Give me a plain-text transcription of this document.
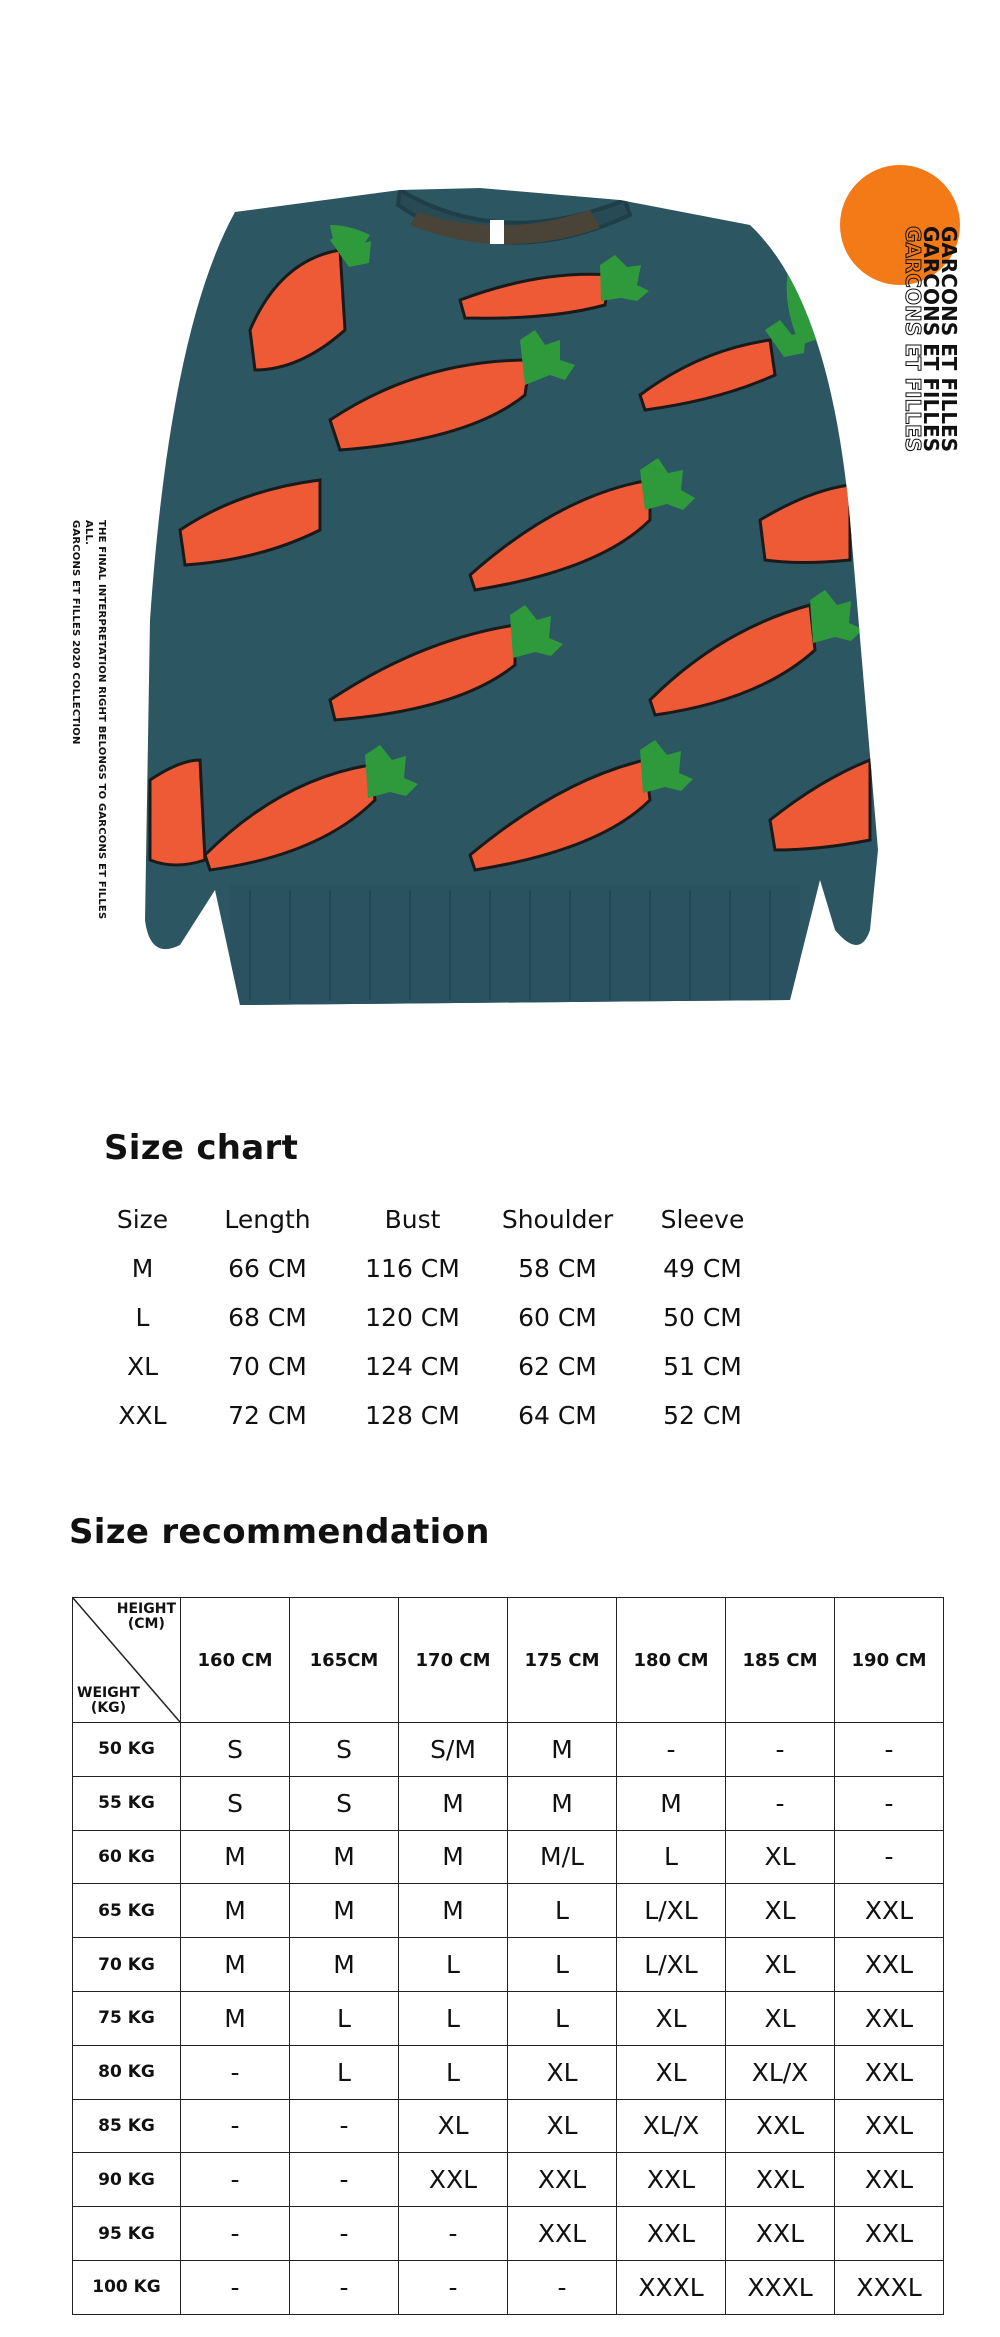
THE FINAL INTERPRETATION RIGHT BELONGS TO GARCONS ET FILLES ALL.
GARCONS ET FILLES 2020 COLLECTION
GARCONS ET FILLES
GARCONS ET FILLES
GARCONS ET FILLES
Size chart
Size	Length	Bust	Shoulder	Sleeve
M	66 CM	116 CM	58 CM	49 CM
L	68 CM	120 CM	60 CM	50 CM
XL	70 CM	124 CM	62 CM	51 CM
XXL	72 CM	128 CM	64 CM	52 CM
Size recommendation
HEIGHT
(CM)
WEIGHT
(KG)	160 CM	165CM	170 CM	175 CM	180 CM	185 CM	190 CM
50 KG	S	S	S/M	M	-	-	-
55 KG	S	S	M	M	M	-	-
60 KG	M	M	M	M/L	L	XL	-
65 KG	M	M	M	L	L/XL	XL	XXL
70 KG	M	M	L	L	L/XL	XL	XXL
75 KG	M	L	L	L	XL	XL	XXL
80 KG	-	L	L	XL	XL	XL/X	XXL
85 KG	-	-	XL	XL	XL/X	XXL	XXL
90 KG	-	-	XXL	XXL	XXL	XXL	XXL
95 KG	-	-	-	XXL	XXL	XXL	XXL
100 KG	-	-	-	-	XXXL	XXXL	XXXL
